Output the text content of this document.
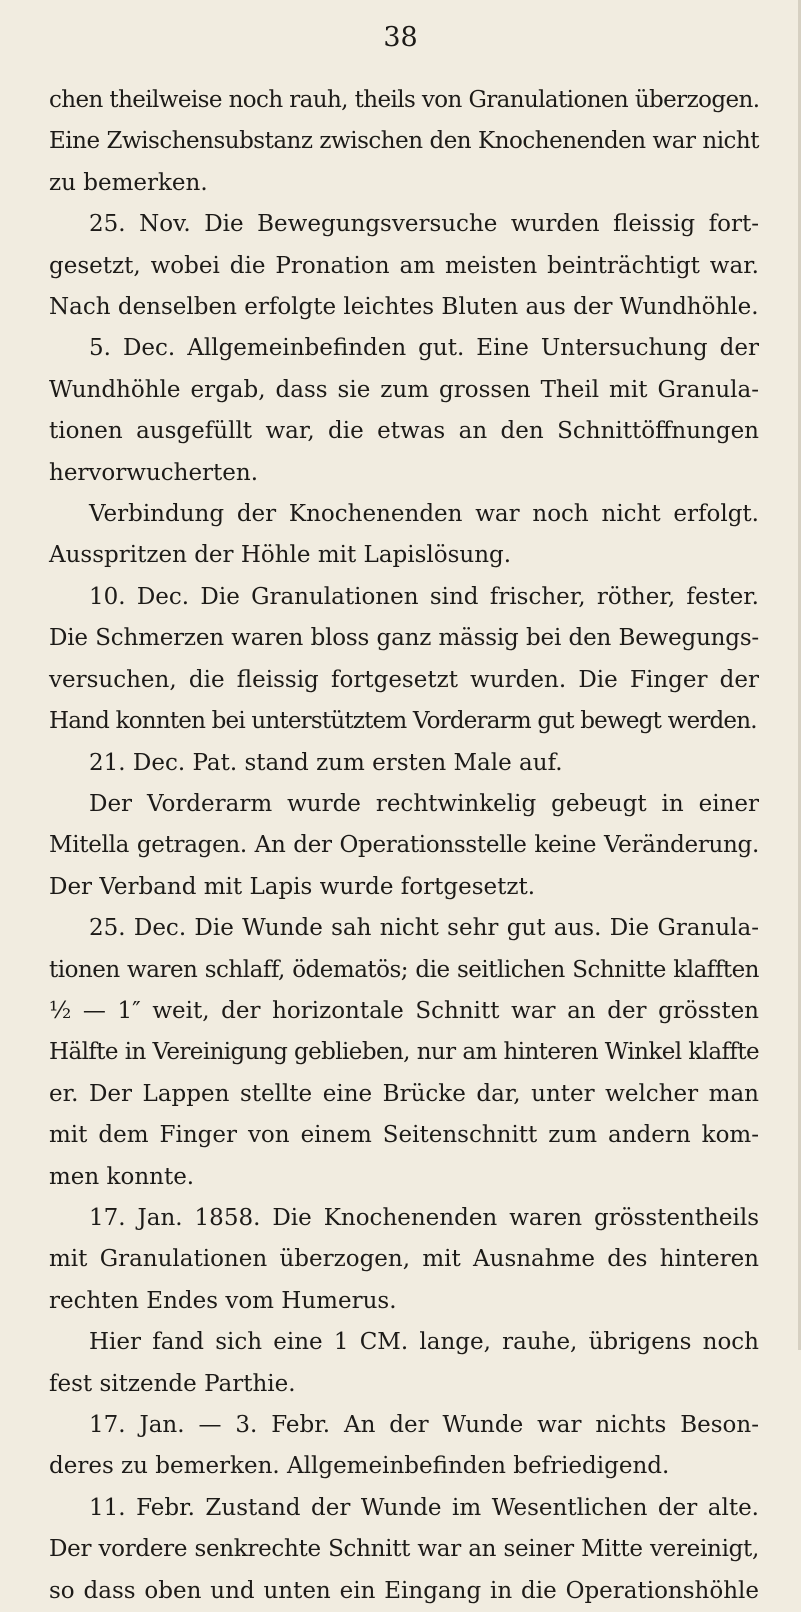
38
chen theilweise noch rauh, theils von Granulationen überzogen.
Eine Zwischensubstanz zwischen den Knochenenden war nicht
zu bemerken.
25. Nov. Die Bewegungsversuche wurden fleissig fort-
gesetzt, wobei die Pronation am meisten beinträchtigt war.
Nach denselben erfolgte leichtes Bluten aus der Wundhöhle.
5. Dec. Allgemeinbefinden gut. Eine Untersuchung der
Wundhöhle ergab, dass sie zum grossen Theil mit Granula-
tionen ausgefüllt war, die etwas an den Schnittöffnungen
hervorwucherten.
Verbindung der Knochenenden war noch nicht erfolgt.
Ausspritzen der Höhle mit Lapislösung.
10. Dec. Die Granulationen sind frischer, röther, fester.
Die Schmerzen waren bloss ganz mässig bei den Bewegungs-
versuchen, die fleissig fortgesetzt wurden. Die Finger der
Hand konnten bei unterstütztem Vorderarm gut bewegt werden.
21. Dec. Pat. stand zum ersten Male auf.
Der Vorderarm wurde rechtwinkelig gebeugt in einer
Mitella getragen. An der Operationsstelle keine Veränderung.
Der Verband mit Lapis wurde fortgesetzt.
25. Dec. Die Wunde sah nicht sehr gut aus. Die Granula-
tionen waren schlaff, ödematös; die seitlichen Schnitte klafften
½ — 1″ weit, der horizontale Schnitt war an der grössten
Hälfte in Vereinigung geblieben, nur am hinteren Winkel klaffte
er. Der Lappen stellte eine Brücke dar, unter welcher man
mit dem Finger von einem Seitenschnitt zum andern kom-
men konnte.
17. Jan. 1858. Die Knochenenden waren grösstentheils
mit Granulationen überzogen, mit Ausnahme des hinteren
rechten Endes vom Humerus.
Hier fand sich eine 1 CM. lange, rauhe, übrigens noch
fest sitzende Parthie.
17. Jan. — 3. Febr. An der Wunde war nichts Beson-
deres zu bemerken. Allgemeinbefinden befriedigend.
11. Febr. Zustand der Wunde im Wesentlichen der alte.
Der vordere senkrechte Schnitt war an seiner Mitte vereinigt,
so dass oben und unten ein Eingang in die Operationshöhle
